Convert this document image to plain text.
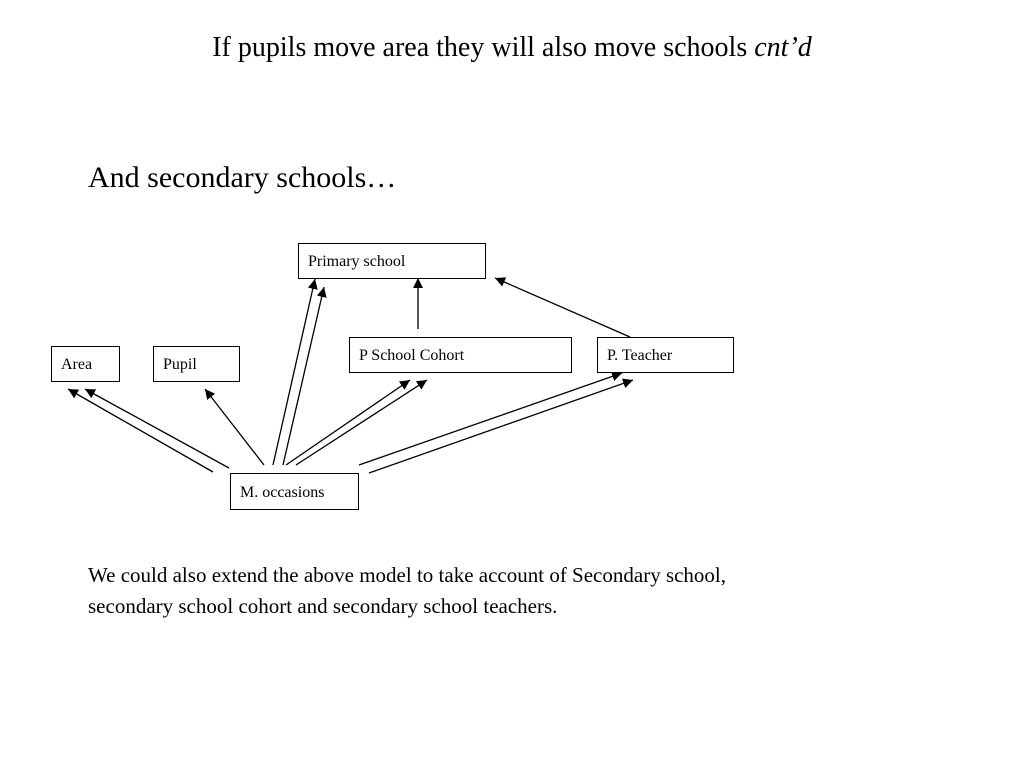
If pupils move area they will also move schools cnt’d
And secondary schools…
Primary school
P School Cohort	P. Teacher
Area	Pupil
M. occasions
We could also extend the above model to take account of Secondary school,
secondary school cohort and secondary school teachers.
